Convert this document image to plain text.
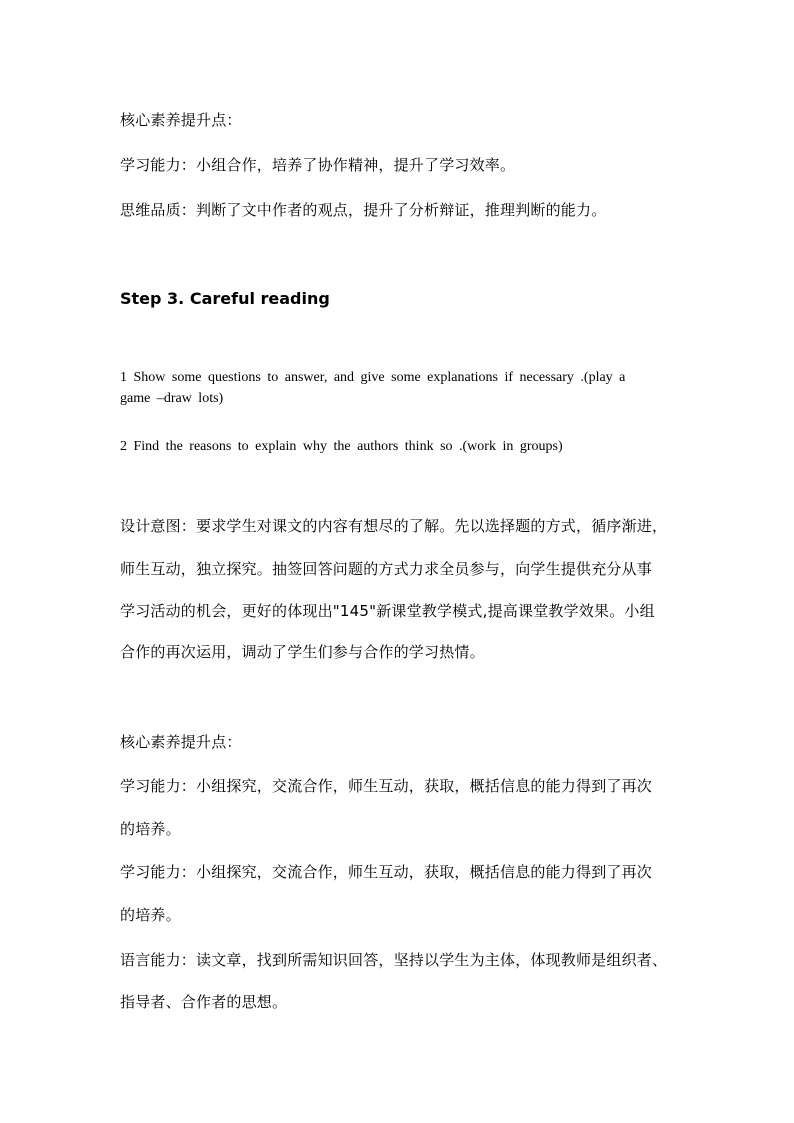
核心素养提升点：
学习能力：小组合作，培养了协作精神，提升了学习效率。
思维品质：判断了文中作者的观点，提升了分析辩证，推理判断的能力。
Step 3. Careful reading
1 Show some questions to answer, and give some explanations if necessary .(play a
game –draw lots)
2 Find the reasons to explain why the authors think so .(work in groups)
设计意图：要求学生对课文的内容有想尽的了解。先以选择题的方式，循序渐进，
师生互动，独立探究。抽签回答问题的方式力求全员参与，向学生提供充分从事
学习活动的机会，更好的体现出"145"新课堂教学模式,提高课堂教学效果。小组
合作的再次运用，调动了学生们参与合作的学习热情。
核心素养提升点：
学习能力：小组探究，交流合作，师生互动，获取，概括信息的能力得到了再次
的培养。
学习能力：小组探究，交流合作，师生互动，获取，概括信息的能力得到了再次
的培养。
语言能力：读文章，找到所需知识回答，坚持以学生为主体，体现教师是组织者、
指导者、合作者的思想。
